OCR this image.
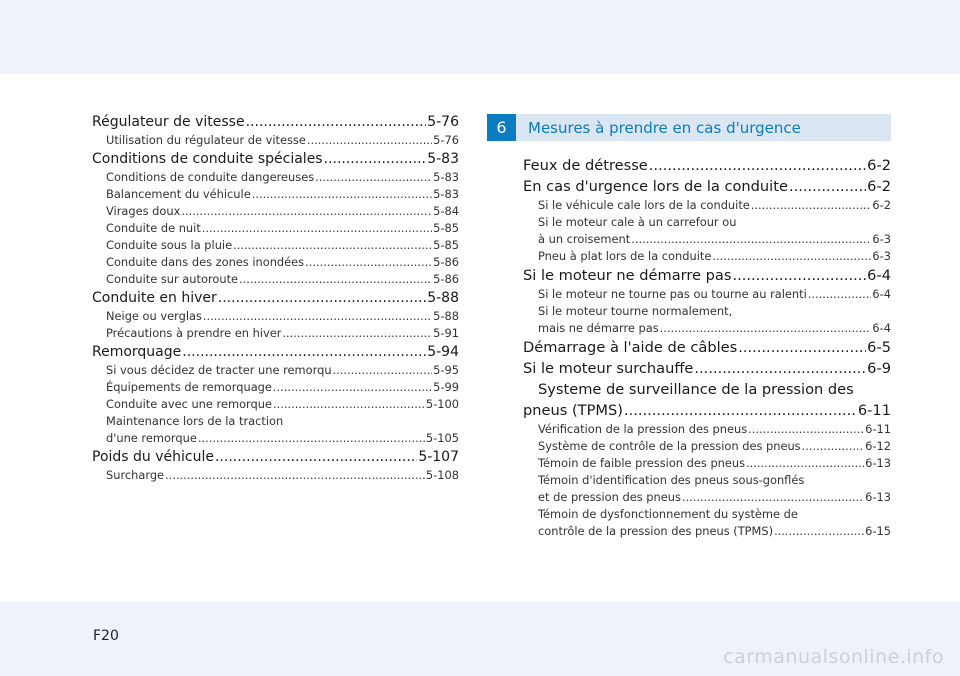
Régulateur de vitesse .....	5-76
Utilisation du régulateur de vitesse .....	5-76
Conditions de conduite spéciales .....	5-83
Conditions de conduite dangereuses .....	5-83
Balancement du véhicule .....	5-83
Virages doux .....	5-84
Conduite de nuit .....	5-85
Conduite sous la pluie .....	5-85
Conduite dans des zones inondées .....	5-86
Conduite sur autoroute .....	5-86
Conduite en hiver .....	5-88
Neige ou verglas .....	5-88
Précautions à prendre en hiver .....	5-91
Remorquage .....	5-94
Si vous décidez de tracter une remorqu .....	5-95
Équipements de remorquage .....	5-99
Conduite avec une remorque .....	5-100
Maintenance lors de la traction
d'une remorque .....	5-105
Poids du véhicule .....	5-107
Surcharge .....	5-108
6	Mesures à prendre en cas d'urgence
Feux de détresse .....	6-2
En cas d'urgence lors de la conduite .....	6-2
Si le véhicule cale lors de la conduite .....	6-2
Si le moteur cale à un carrefour ou
à un croisement .....	6-3
Pneu à plat lors de la conduite .....	6-3
Si le moteur ne démarre pas .....	6-4
Si le moteur ne tourne pas ou tourne au ralenti .....	6-4
Si le moteur tourne normalement,
mais ne démarre pas .....	6-4
Démarrage à l'aide de câbles .....	6-5
Si le moteur surchauffe .....	6-9
Systeme de surveillance de la pression des
pneus (TPMS) .....	6-11
Vérification de la pression des pneus .....	6-11
Système de contrôle de la pression des pneus .....	6-12
Témoin de faible pression des pneus .....	6-13
Témoin d'identification des pneus sous-gonflés
et de pression des pneus .....	6-13
Témoin de dysfonctionnement du système de
contrôle de la pression des pneus (TPMS) .....	6-15
F20
carmanualsonline.info
